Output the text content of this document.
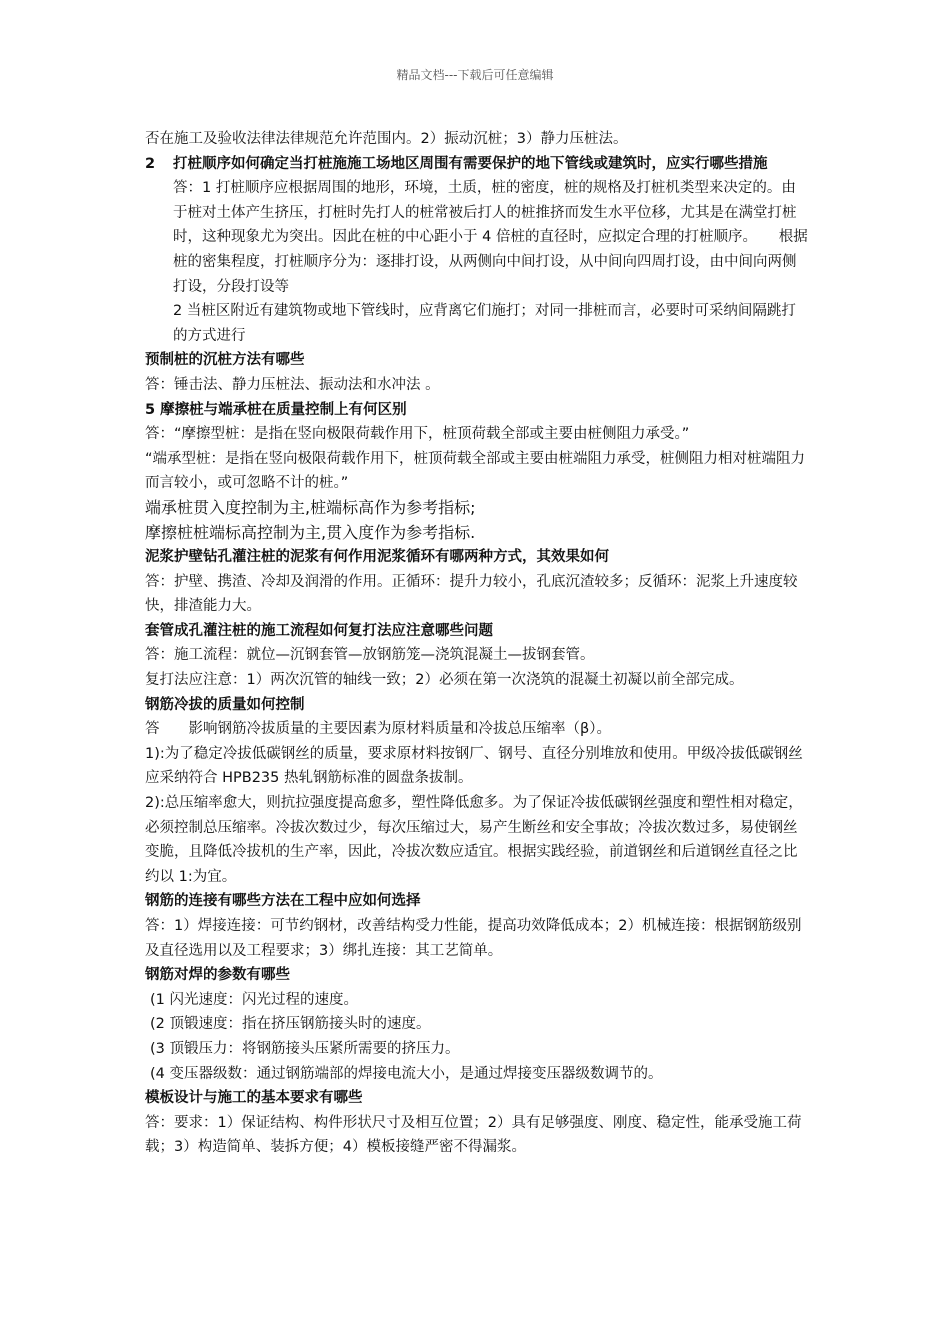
精品文档---下载后可任意编辑

否在施工及验收法律法律规范允许范围内。2）振动沉桩；3）静力压桩法。

2 打桩顺序如何确定当打桩施施工场地区周围有需要保护的地下管线或建筑时，应实行哪些措施

答：1 打桩顺序应根据周围的地形，环境，土质，桩的密度，桩的规格及打桩机类型来决定的。由于桩对土体产生挤压，打桩时先打人的桩常被后打人的桩推挤而发生水平位移，尤其是在满堂打桩时，这种现象尤为突出。因此在桩的中心距小于 4 倍桩的直径时，应拟定合理的打桩顺序。　　根据桩的密集程度，打桩顺序分为：逐排打设，从两侧向中间打设，从中间向四周打设，由中间向两侧打设，分段打设等

2 当桩区附近有建筑物或地下管线时，应背离它们施打；对同一排桩而言，必要时可采纳间隔跳打的方式进行

预制桩的沉桩方法有哪些

答：锤击法、静力压桩法、振动法和水冲法 。

5 摩擦桩与端承桩在质量控制上有何区别

答：“摩擦型桩：是指在竖向极限荷载作用下，桩顶荷载全部或主要由桩侧阻力承受。”

“端承型桩：是指在竖向极限荷载作用下，桩顶荷载全部或主要由桩端阻力承受，桩侧阻力相对桩端阻力而言较小，或可忽略不计的桩。”

端承桩贯入度控制为主,桩端标高作为参考指标;

摩擦桩桩端标高控制为主,贯入度作为参考指标.

泥浆护壁钻孔灌注桩的泥浆有何作用泥浆循环有哪两种方式，其效果如何

答：护壁、携渣、冷却及润滑的作用。正循环：提升力较小，孔底沉渣较多；反循环：泥浆上升速度较快，排渣能力大。

套管成孔灌注桩的施工流程如何复打法应注意哪些问题

答：施工流程：就位—沉钢套管—放钢筋笼—浇筑混凝土—拔钢套管。

复打法应注意：1）两次沉管的轴线一致；2）必须在第一次浇筑的混凝土初凝以前全部完成。

钢筋冷拔的质量如何控制

答　　影响钢筋冷拔质量的主要因素为原材料质量和冷拔总压缩率（β）。

1):为了稳定冷拔低碳钢丝的质量，要求原材料按钢厂、钢号、直径分别堆放和使用。甲级冷拔低碳钢丝应采纳符合 HPB235 热轧钢筋标准的圆盘条拔制。

2):总压缩率愈大，则抗拉强度提高愈多，塑性降低愈多。为了保证冷拔低碳钢丝强度和塑性相对稳定，必须控制总压缩率。冷拔次数过少，每次压缩过大，易产生断丝和安全事故；冷拔次数过多，易使钢丝变脆，且降低冷拔机的生产率，因此，冷拔次数应适宜。根据实践经验，前道钢丝和后道钢丝直径之比约以 1:为宜。

钢筋的连接有哪些方法在工程中应如何选择

答：1）焊接连接：可节约钢材，改善结构受力性能，提高功效降低成本；2）机械连接：根据钢筋级别及直径选用以及工程要求；3）绑扎连接：其工艺简单。

钢筋对焊的参数有哪些

(1 闪光速度：闪光过程的速度。

(2 顶锻速度：指在挤压钢筋接头时的速度。

(3 顶锻压力：将钢筋接头压紧所需要的挤压力。

(4 变压器级数：通过钢筋端部的焊接电流大小，是通过焊接变压器级数调节的。

模板设计与施工的基本要求有哪些

答：要求：1）保证结构、构件形状尺寸及相互位置；2）具有足够强度、刚度、稳定性，能承受施工荷载；3）构造简单、装拆方便；4）模板接缝严密不得漏浆。
